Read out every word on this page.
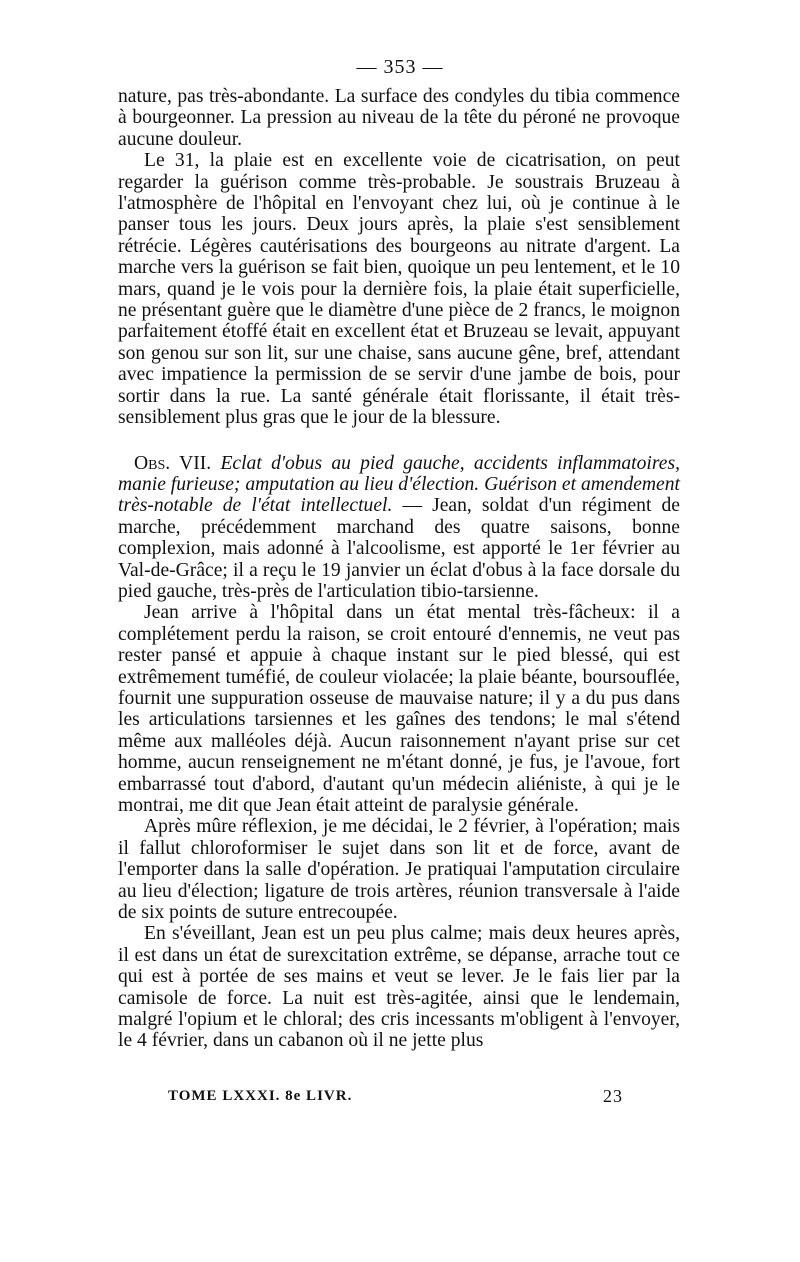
— 353 —

nature, pas très-abondante. La surface des condyles du tibia commence à bourgeonner. La pression au niveau de la tête du péroné ne provoque aucune douleur.

Le 31, la plaie est en excellente voie de cicatrisation, on peut regarder la guérison comme très-probable. Je soustrais Bruzeau à l'atmosphère de l'hôpital en l'envoyant chez lui, où je continue à le panser tous les jours. Deux jours après, la plaie s'est sensiblement rétrécie. Légères cautérisations des bourgeons au nitrate d'argent. La marche vers la guérison se fait bien, quoique un peu lentement, et le 10 mars, quand je le vois pour la dernière fois, la plaie était superficielle, ne présentant guère que le diamètre d'une pièce de 2 francs, le moignon parfaitement étoffé était en excellent état et Bruzeau se levait, appuyant son genou sur son lit, sur une chaise, sans aucune gêne, bref, attendant avec impatience la permission de se servir d'une jambe de bois, pour sortir dans la rue. La santé générale était florissante, il était très-sensiblement plus gras que le jour de la blessure.

Obs. VII. Eclat d'obus au pied gauche, accidents inflammatoires, manie furieuse; amputation au lieu d'élection. Guérison et amendement très-notable de l'état intellectuel. — Jean, soldat d'un régiment de marche, précédemment marchand des quatre saisons, bonne complexion, mais adonné à l'alcoolisme, est apporté le 1er février au Val-de-Grâce; il a reçu le 19 janvier un éclat d'obus à la face dorsale du pied gauche, très-près de l'articulation tibio-tarsienne.

Jean arrive à l'hôpital dans un état mental très-fâcheux: il a complétement perdu la raison, se croit entouré d'ennemis, ne veut pas rester pansé et appuie à chaque instant sur le pied blessé, qui est extrêmement tuméfié, de couleur violacée; la plaie béante, boursouflée, fournit une suppuration osseuse de mauvaise nature; il y a du pus dans les articulations tarsiennes et les gaînes des tendons; le mal s'étend même aux malléoles déjà. Aucun raisonnement n'ayant prise sur cet homme, aucun renseignement ne m'étant donné, je fus, je l'avoue, fort embarrassé tout d'abord, d'autant qu'un médecin aliéniste, à qui je le montrai, me dit que Jean était atteint de paralysie générale.

Après mûre réflexion, je me décidai, le 2 février, à l'opération; mais il fallut chloroformiser le sujet dans son lit et de force, avant de l'emporter dans la salle d'opération. Je pratiquai l'amputation circulaire au lieu d'élection; ligature de trois artères, réunion transversale à l'aide de six points de suture entrecoupée.

En s'éveillant, Jean est un peu plus calme; mais deux heures après, il est dans un état de surexcitation extrême, se dépanse, arrache tout ce qui est à portée de ses mains et veut se lever. Je le fais lier par la camisole de force. La nuit est très-agitée, ainsi que le lendemain, malgré l'opium et le chloral; des cris incessants m'obligent à l'envoyer, le 4 février, dans un cabanon où il ne jette plus

TOME LXXXI. 8e LIVR.	23
